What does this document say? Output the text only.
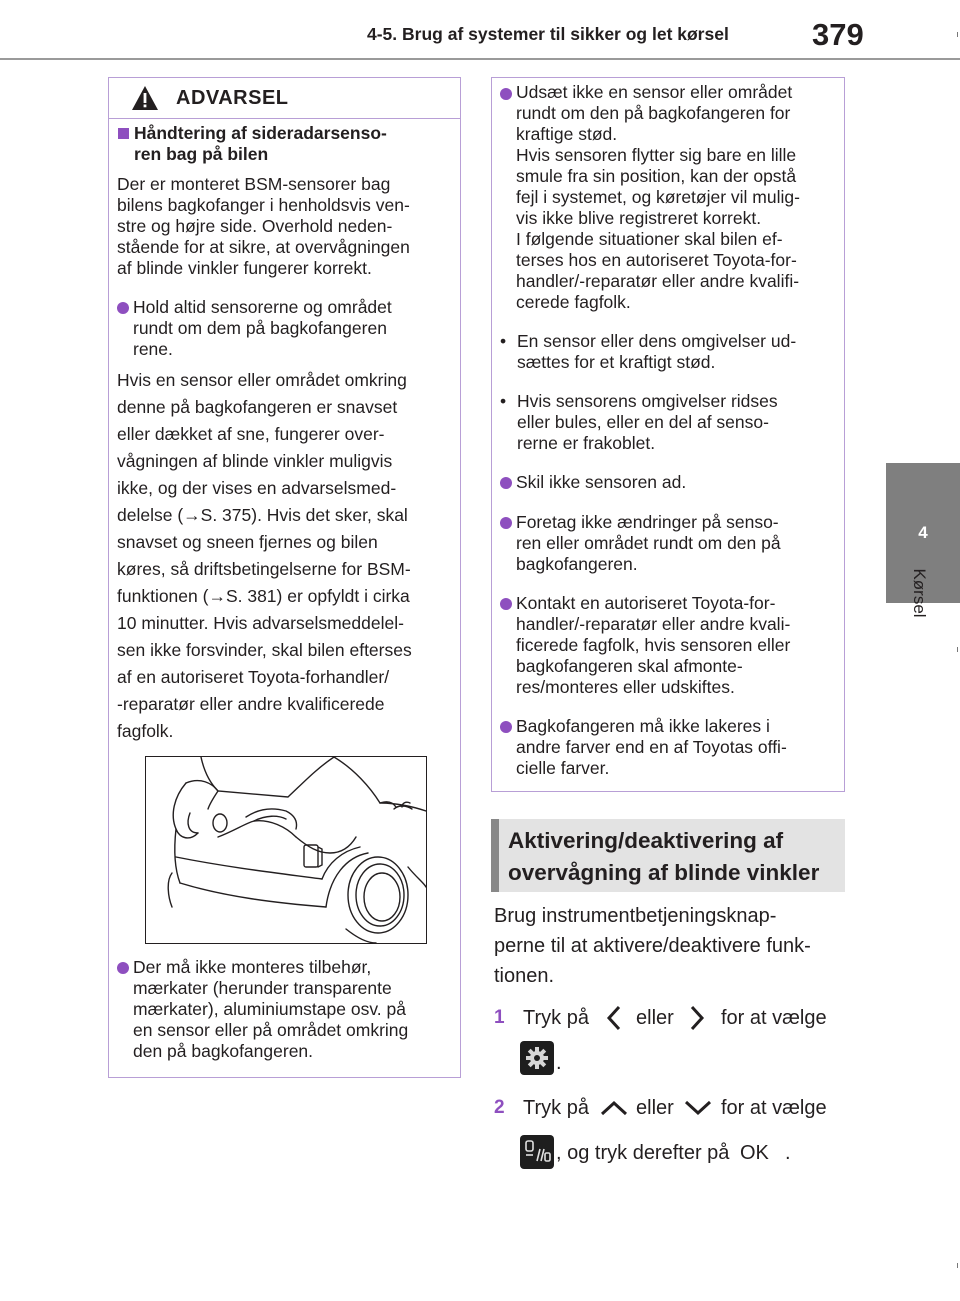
4-5. Brug af systemer til sikker og let kørsel	379
4
Kørsel
ADVARSEL
Håndtering af sideradarsenso-
ren bag på bilen
Der er monteret BSM-sensorer bag
bilens bagkofanger i henholdsvis ven-
stre og højre side. Overhold neden-
stående for at sikre, at overvågningen
af blinde vinkler fungerer korrekt.
Hold altid sensorerne og området
rundt om dem på bagkofangeren
rene.
Hvis en sensor eller området omkring
denne på bagkofangeren er snavset
eller dækket af sne, fungerer over-
vågningen af blinde vinkler muligvis
ikke, og der vises en advarselsmed-
delelse (→S. 375). Hvis det sker, skal
snavset og sneen fjernes og bilen
køres, så driftsbetingelserne for BSM-
funktionen (→S. 381) er opfyldt i cirka
10 minutter. Hvis advarselsmeddelel-
sen ikke forsvinder, skal bilen efterses
af en autoriseret Toyota-forhandler/
-reparatør eller andre kvalificerede
fagfolk.
Der må ikke monteres tilbehør,
mærkater (herunder transparente
mærkater), aluminiumstape osv. på
en sensor eller på området omkring
den på bagkofangeren.
Udsæt ikke en sensor eller området
rundt om den på bagkofangeren for
kraftige stød.
Hvis sensoren flytter sig bare en lille
smule fra sin position, kan der opstå
fejl i systemet, og køretøjer vil mulig-
vis ikke blive registreret korrekt.
I følgende situationer skal bilen ef-
terses hos en autoriseret Toyota-for-
handler/-reparatør eller andre kvalifi-
cerede fagfolk.
• En sensor eller dens omgivelser ud-
sættes for et kraftigt stød.
• Hvis sensorens omgivelser ridses
eller bules, eller en del af senso-
rerne er frakoblet.
Skil ikke sensoren ad.
Foretag ikke ændringer på senso-
ren eller området rundt om den på
bagkofangeren.
Kontakt en autoriseret Toyota-for-
handler/-reparatør eller andre kvali-
ficerede fagfolk, hvis sensoren eller
bagkofangeren skal afmonte-
res/monteres eller udskiftes.
Bagkofangeren må ikke lakeres i
andre farver end en af Toyotas offi-
cielle farver.
Aktivering/deaktivering af
overvågning af blinde vinkler
Brug instrumentbetjeningsknap-
perne til at aktivere/deaktivere funk-
tionen.
1 Tryk på eller for at vælge
.
2 Tryk på eller for at vælge
, og tryk derefter på OK .
